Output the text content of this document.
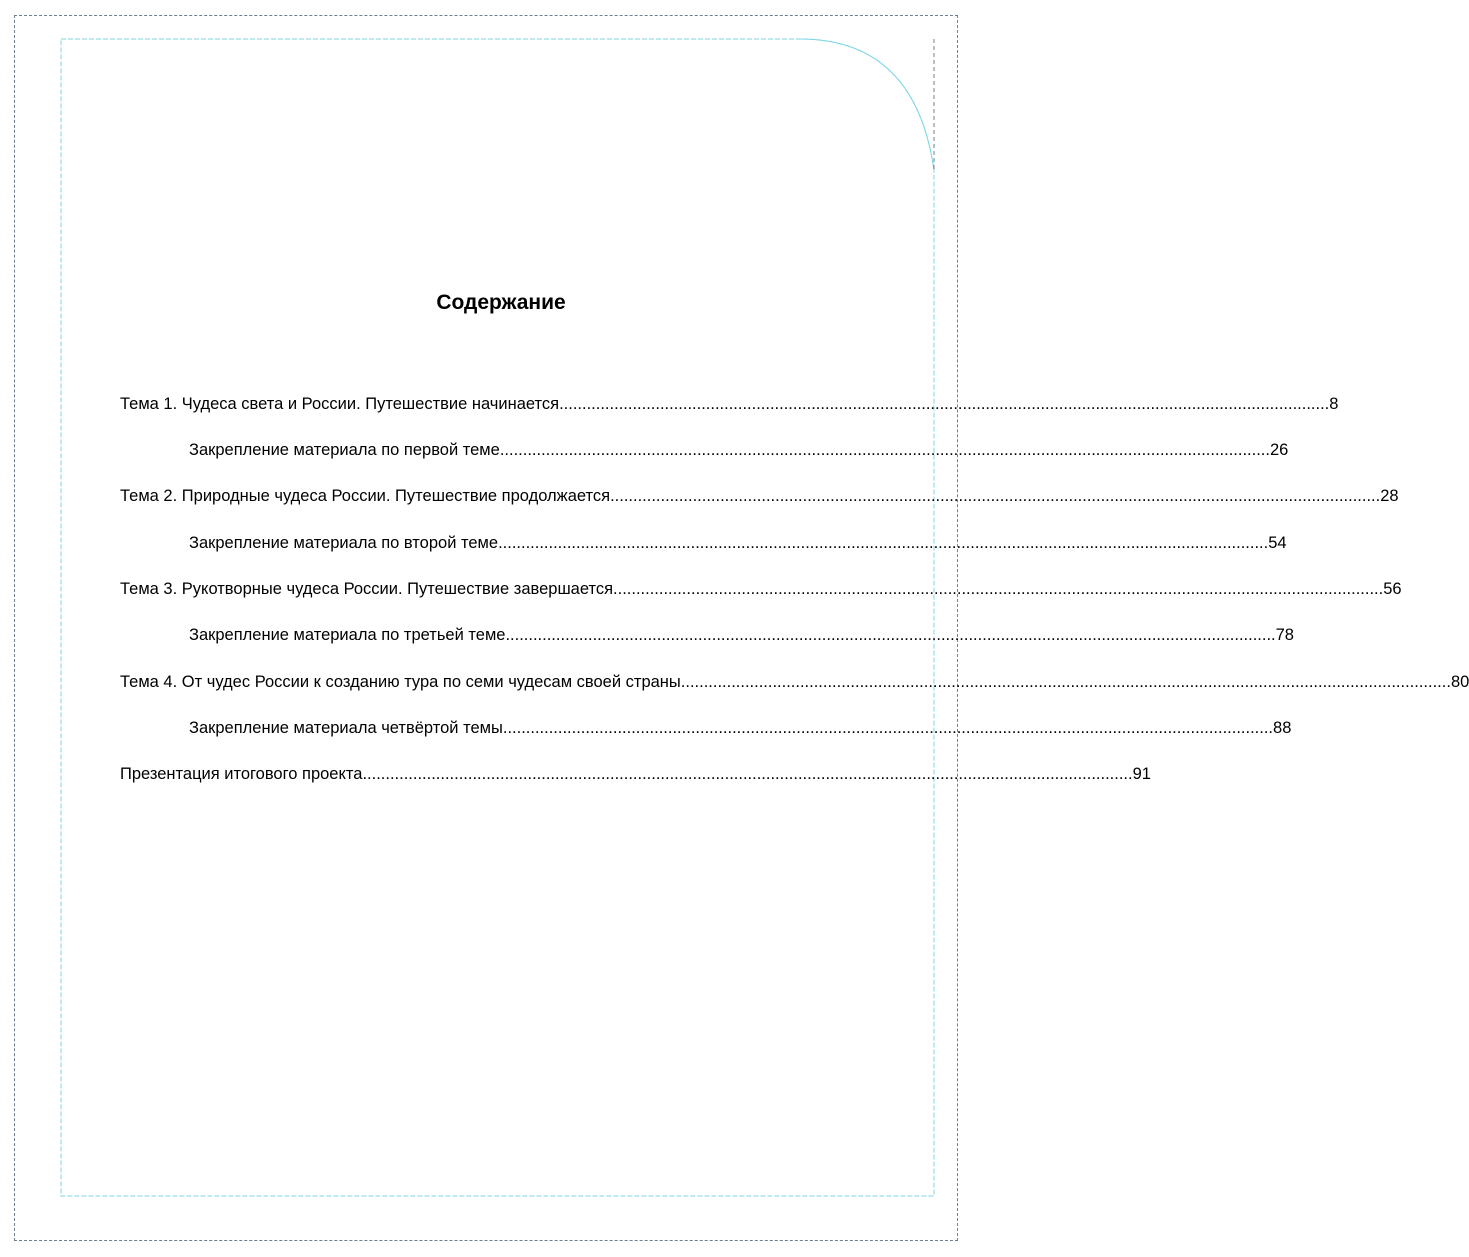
Содержание
Тема 1. Чудеса света и России. Путешествие начинается ........................................................................................................................................................................ 8
Закрепление материала по первой теме ........................................................................................................................................................................ 26
Тема 2. Природные чудеса России. Путешествие продолжается ........................................................................................................................................................................ 28
Закрепление материала по второй теме ........................................................................................................................................................................ 54
Тема 3. Рукотворные чудеса России. Путешествие завершается ........................................................................................................................................................................ 56
Закрепление материала по третьей теме ........................................................................................................................................................................ 78
Тема 4. От чудес России к созданию тура по семи чудесам своей страны ........................................................................................................................................................................ 80
Закрепление материала четвёртой темы ........................................................................................................................................................................ 88
Презентация итогового проекта ........................................................................................................................................................................ 91
